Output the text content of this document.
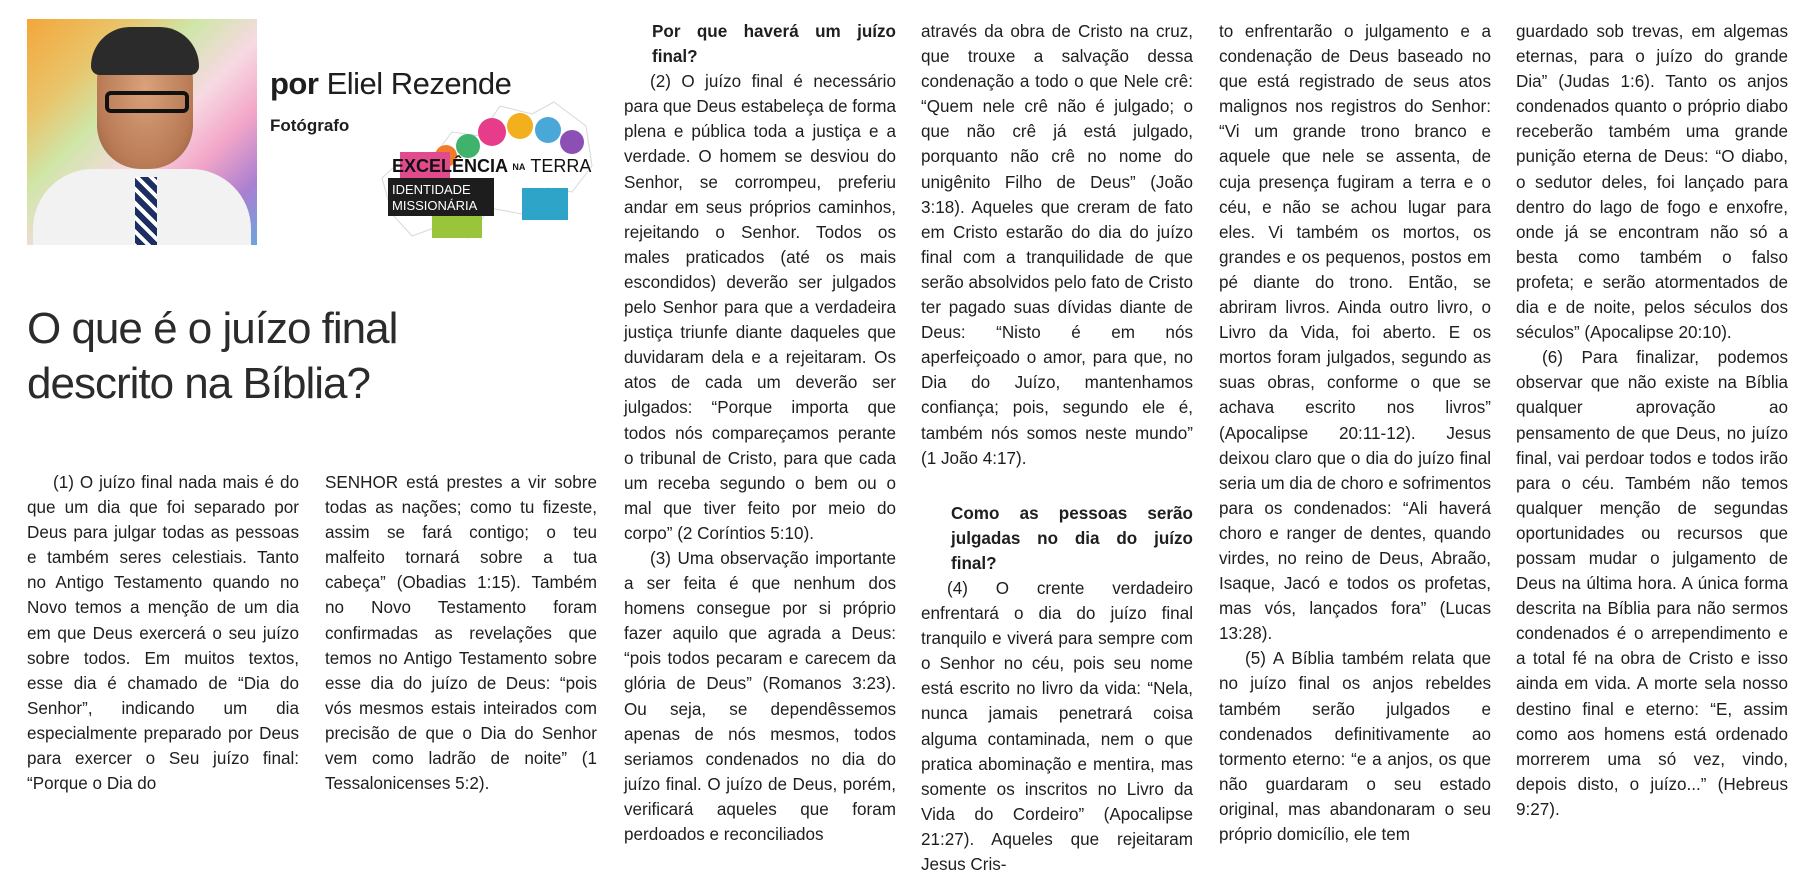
por Eliel Rezende
Fotógrafo
EXCELÊNCIA NA TERRA
IDENTIDADE
MISSIONÁRIA
O que é o juízo final descrito na Bíblia?

(1) O juízo final nada mais é do que um dia que foi separado por Deus para julgar todas as pessoas e também seres celestiais. Tanto no Antigo Testamento quando no Novo temos a menção de um dia em que Deus exercerá o seu juízo sobre todos. Em muitos textos, esse dia é chamado de “Dia do Senhor”, indicando um dia especialmente preparado por Deus para exercer o Seu juízo final: “Porque o Dia do

SENHOR está prestes a vir sobre todas as nações; como tu fizeste, assim se fará contigo; o teu malfeito tornará sobre a tua cabeça” (Obadias 1:15). Também no Novo Testamento foram confirmadas as revelações que temos no Antigo Testamento sobre esse dia do juízo de Deus: “pois vós mesmos estais inteirados com precisão de que o Dia do Senhor vem como ladrão de noite” (1 Tessalonicenses 5:2).

Por que haverá um juízo final?

(2) O juízo final é necessário para que Deus estabeleça de forma plena e pública toda a justiça e a verdade. O homem se desviou do Senhor, se corrompeu, preferiu andar em seus próprios caminhos, rejeitando o Senhor. Todos os males praticados (até os mais escondidos) deverão ser julgados pelo Senhor para que a verdadeira justiça triunfe diante daqueles que duvidaram dela e a rejeitaram. Os atos de cada um deverão ser julgados: “Porque importa que todos nós compareçamos perante o tribunal de Cristo, para que cada um receba segundo o bem ou o mal que tiver feito por meio do corpo” (2 Coríntios 5:10).

(3) Uma observação importante a ser feita é que nenhum dos homens consegue por si próprio fazer aquilo que agrada a Deus: “pois todos pecaram e carecem da glória de Deus” (Romanos 3:23). Ou seja, se dependêssemos apenas de nós mesmos, todos seriamos condenados no dia do juízo final. O juízo de Deus, porém, verificará aqueles que foram perdoados e reconciliados

através da obra de Cristo na cruz, que trouxe a salvação dessa condenação a todo o que Nele crê: “Quem nele crê não é julgado; o que não crê já está julgado, porquanto não crê no nome do unigênito Filho de Deus” (João 3:18). Aqueles que creram de fato em Cristo estarão do dia do juízo final com a tranquilidade de que serão absolvidos pelo fato de Cristo ter pagado suas dívidas diante de Deus: “Nisto é em nós aperfeiçoado o amor, para que, no Dia do Juízo, mantenhamos confiança; pois, segundo ele é, também nós somos neste mundo” (1 João 4:17).

Como as pessoas serão julgadas no dia do juízo final?

(4) O crente verdadeiro enfrentará o dia do juízo final tranquilo e viverá para sempre com o Senhor no céu, pois seu nome está escrito no livro da vida: “Nela, nunca jamais penetrará coisa alguma contaminada, nem o que pratica abominação e mentira, mas somente os inscritos no Livro da Vida do Cordeiro” (Apocalipse 21:27). Aqueles que rejeitaram Jesus Cris-

to enfrentarão o julgamento e a condenação de Deus baseado no que está registrado de seus atos malignos nos registros do Senhor: “Vi um grande trono branco e aquele que nele se assenta, de cuja presença fugiram a terra e o céu, e não se achou lugar para eles. Vi também os mortos, os grandes e os pequenos, postos em pé diante do trono. Então, se abriram livros. Ainda outro livro, o Livro da Vida, foi aberto. E os mortos foram julgados, segundo as suas obras, conforme o que se achava escrito nos livros” (Apocalipse 20:11-12). Jesus deixou claro que o dia do juízo final seria um dia de choro e sofrimentos para os condenados: “Ali haverá choro e ranger de dentes, quando virdes, no reino de Deus, Abraão, Isaque, Jacó e todos os profetas, mas vós, lançados fora” (Lucas 13:28).

(5) A Bíblia também relata que no juízo final os anjos rebeldes também serão julgados e condenados definitivamente ao tormento eterno: “e a anjos, os que não guardaram o seu estado original, mas abandonaram o seu próprio domicílio, ele tem

guardado sob trevas, em algemas eternas, para o juízo do grande Dia” (Judas 1:6). Tanto os anjos condenados quanto o próprio diabo receberão também uma grande punição eterna de Deus: “O diabo, o sedutor deles, foi lançado para dentro do lago de fogo e enxofre, onde já se encontram não só a besta como também o falso profeta; e serão atormentados de dia e de noite, pelos séculos dos séculos” (Apocalipse 20:10).

(6) Para finalizar, podemos observar que não existe na Bíblia qualquer aprovação ao pensamento de que Deus, no juízo final, vai perdoar todos e todos irão para o céu. Também não temos qualquer menção de segundas oportunidades ou recursos que possam mudar o julgamento de Deus na última hora. A única forma descrita na Bíblia para não sermos condenados é o arrependimento e a total fé na obra de Cristo e isso ainda em vida. A morte sela nosso destino final e eterno: “E, assim como aos homens está ordenado morrerem uma só vez, vindo, depois disto, o juízo...” (Hebreus 9:27).
